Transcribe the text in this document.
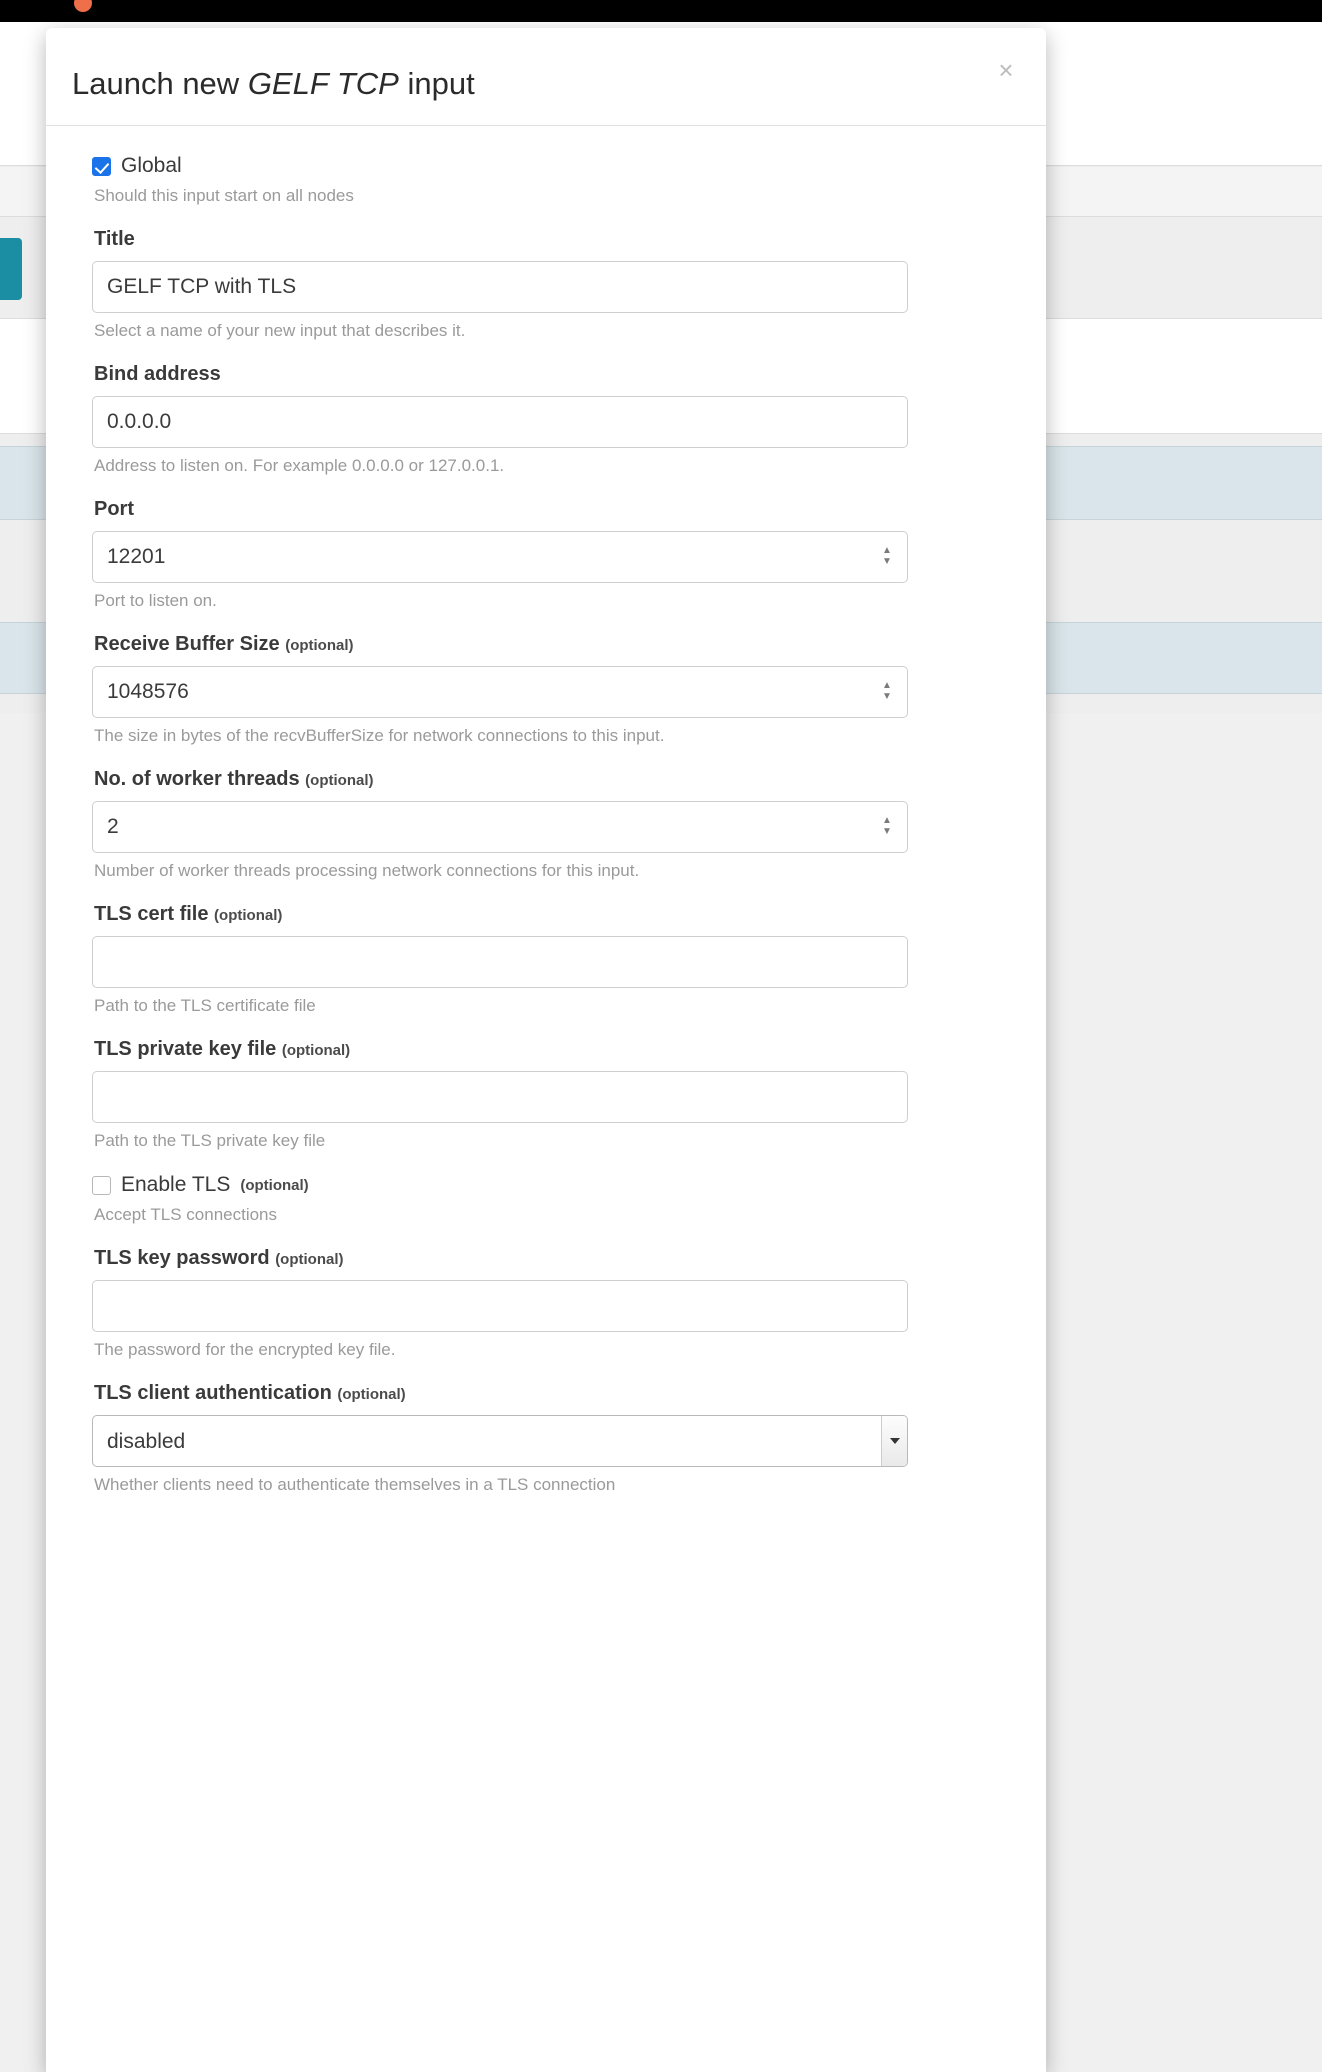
Launch new GELF TCP input	×
Global
Should this input start on all nodes
Title
GELF TCP with TLS
Select a name of your new input that describes it.
Bind address
0.0.0.0
Address to listen on. For example 0.0.0.0 or 127.0.0.1.
Port
12201
▲
▼
Port to listen on.
Receive Buffer Size (optional)
1048576
▲
▼
The size in bytes of the recvBufferSize for network connections to this input.
No. of worker threads (optional)
2
▲
▼
Number of worker threads processing network connections for this input.
TLS cert file (optional)
Path to the TLS certificate file
TLS private key file (optional)
Path to the TLS private key file
Enable TLS (optional)
Accept TLS connections
TLS key password (optional)
The password for the encrypted key file.
TLS client authentication (optional)
disabled
Whether clients need to authenticate themselves in a TLS connection
